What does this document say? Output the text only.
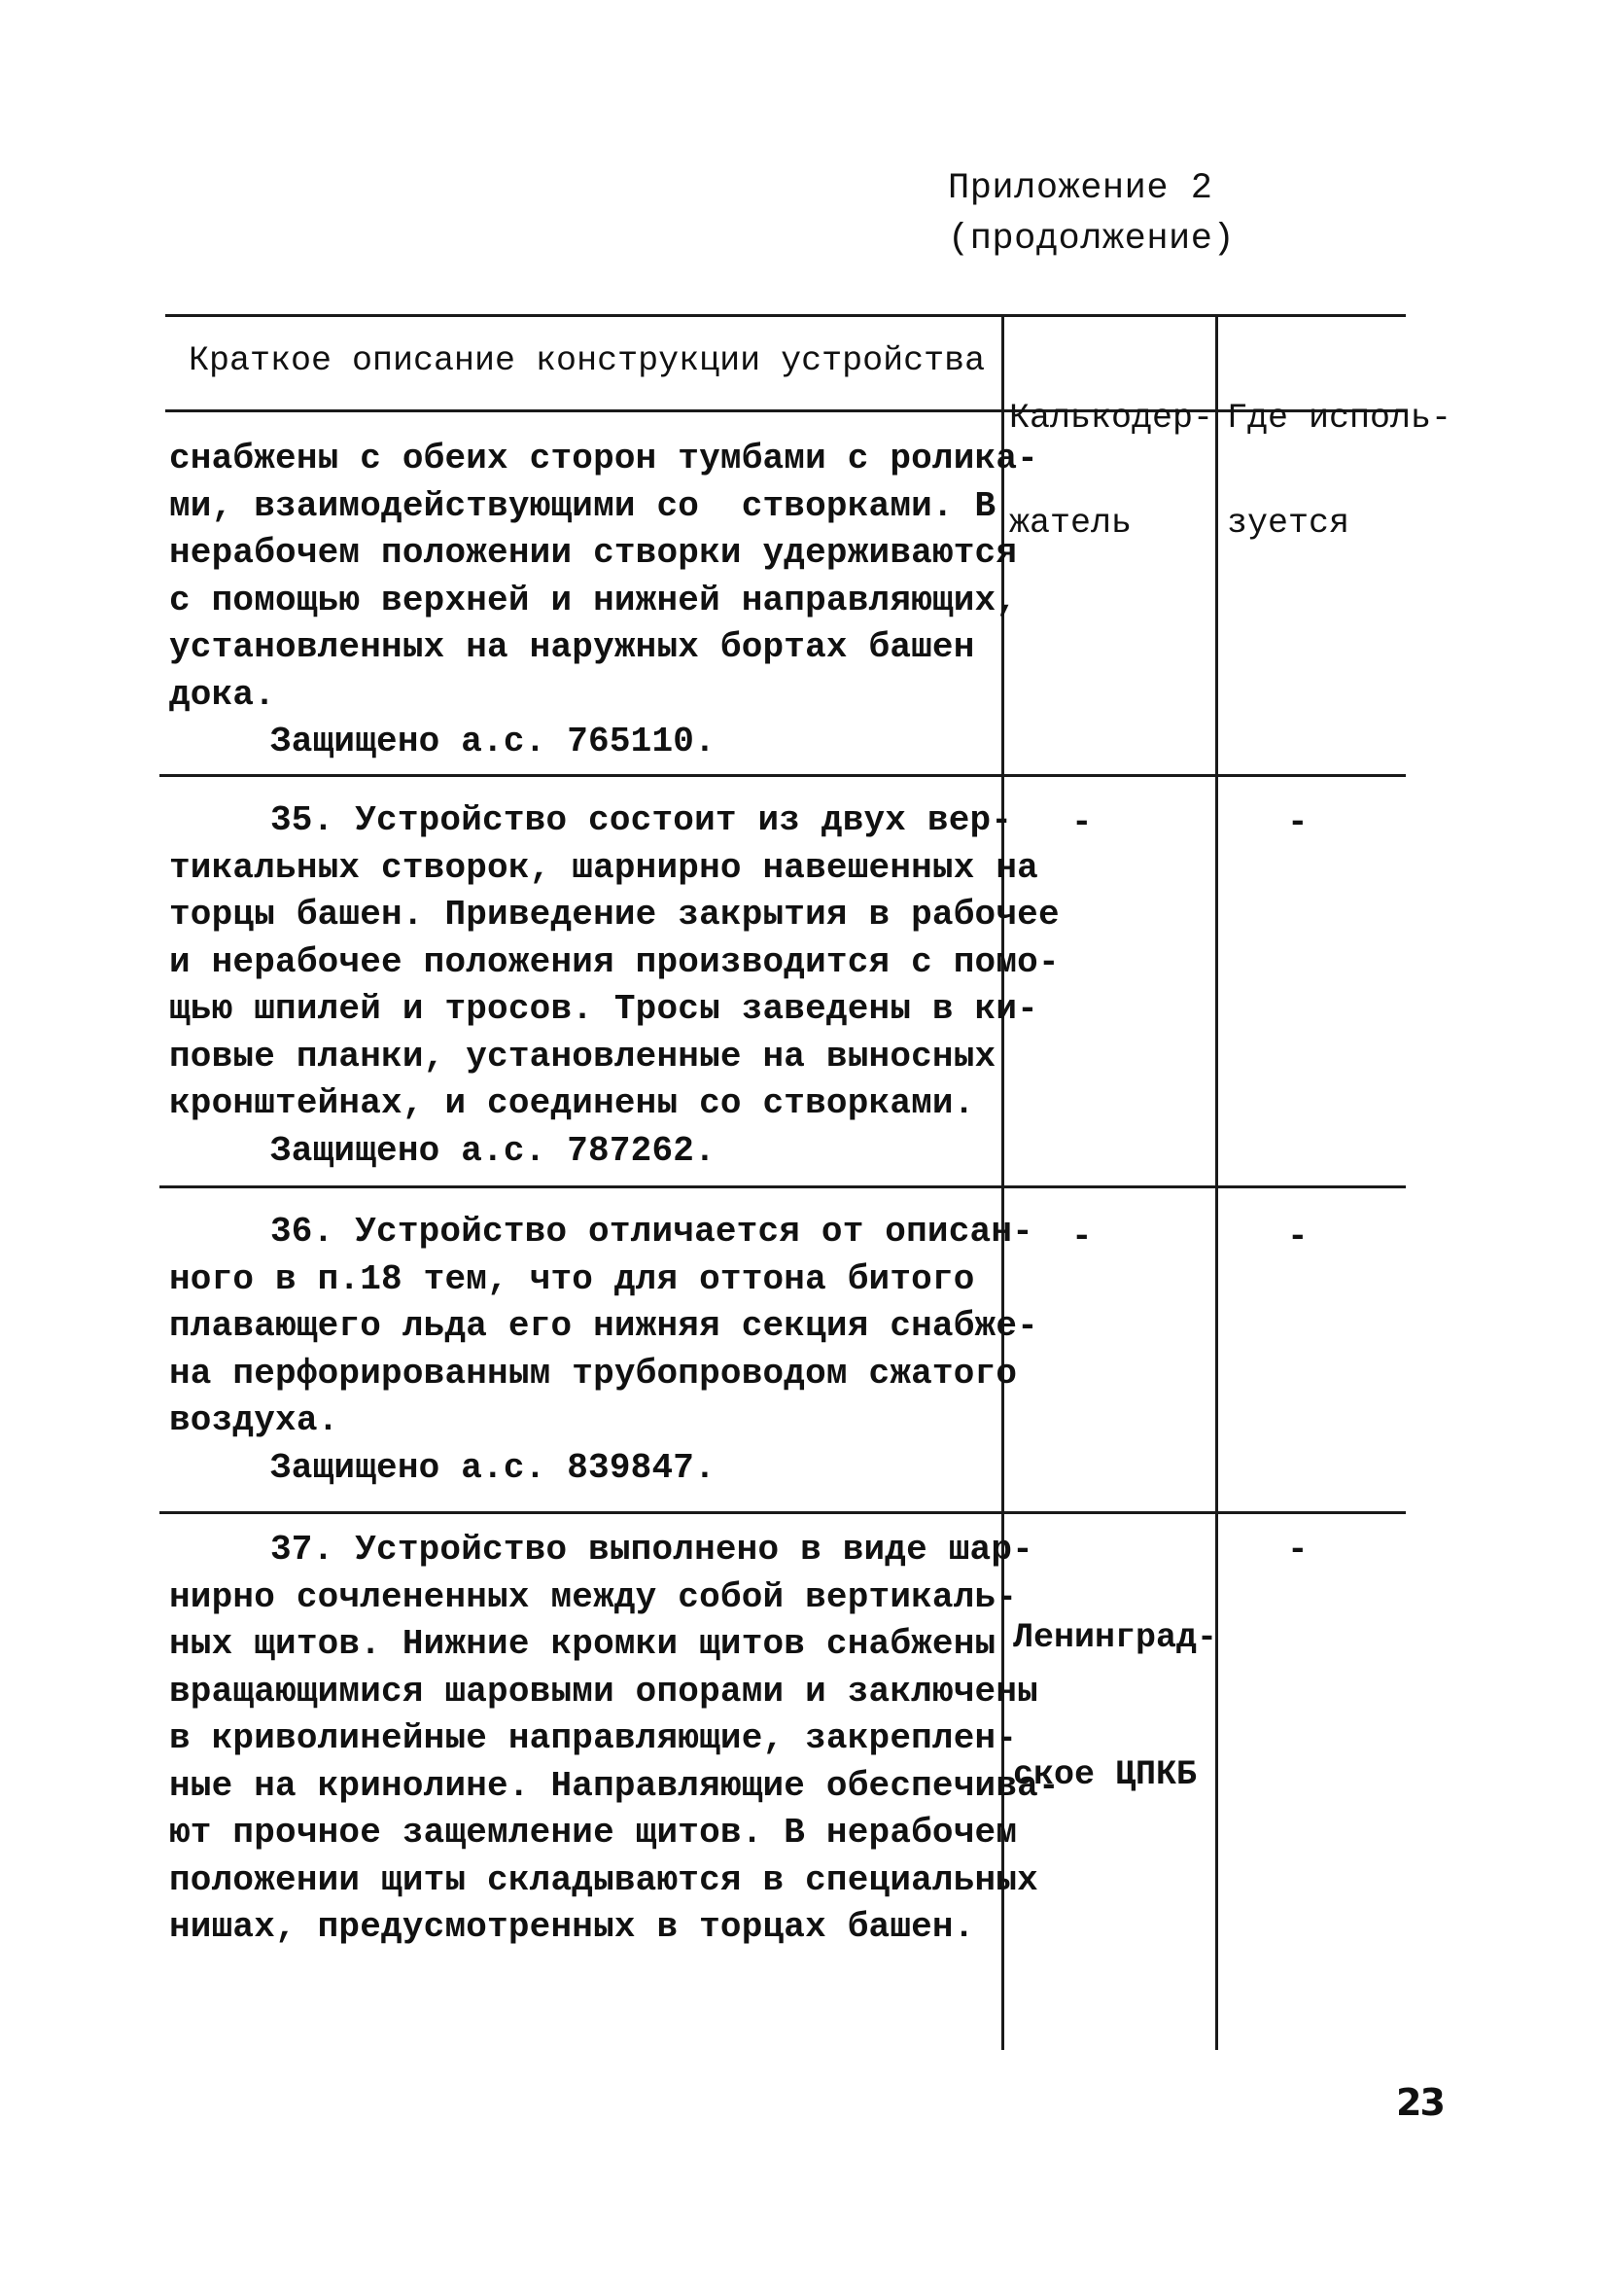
Приложение 2
(продолжение)
Краткое описание конструкции устройства

Калькодер-

жатель

Где исполь-

зуется

снабжены с обеих сторон тумбами с ролика-
ми, взаимодействующими со  створками. В
нерабочем положении створки удерживаются
с помощью верхней и нижней направляющих,
установленных на наружных бортах башен
дока.
Защищено а.с. 765110.
35. Устройство состоит из двух вер-
тикальных створок, шарнирно навешенных на
торцы башен. Приведение закрытия в рабочее
и нерабочее положения производится с помо-
щью шпилей и тросов. Тросы заведены в ки-
повые планки, установленные на выносных
кронштейнах, и соединены со створками.
Защищено а.с. 787262.
-	-
36. Устройство отличается от описан-
ного в п.18 тем, что для оттона битого
плавающего льда его нижняя секция снабже-
на перфорированным трубопроводом сжатого
воздуха.
Защищено а.с. 839847.
-	-
37. Устройство выполнено в виде шар-
нирно сочлененных между собой вертикаль-
ных щитов. Нижние кромки щитов снабжены
вращающимися шаровыми опорами и заключены
в криволинейные направляющие, закреплен-
ные на кринолине. Направляющие обеспечива-
ют прочное защемление щитов. В нерабочем
положении щиты складываются в специальных
нишах, предусмотренных в торцах башен.

Ленинград-

ское ЦПКБ

-
23
